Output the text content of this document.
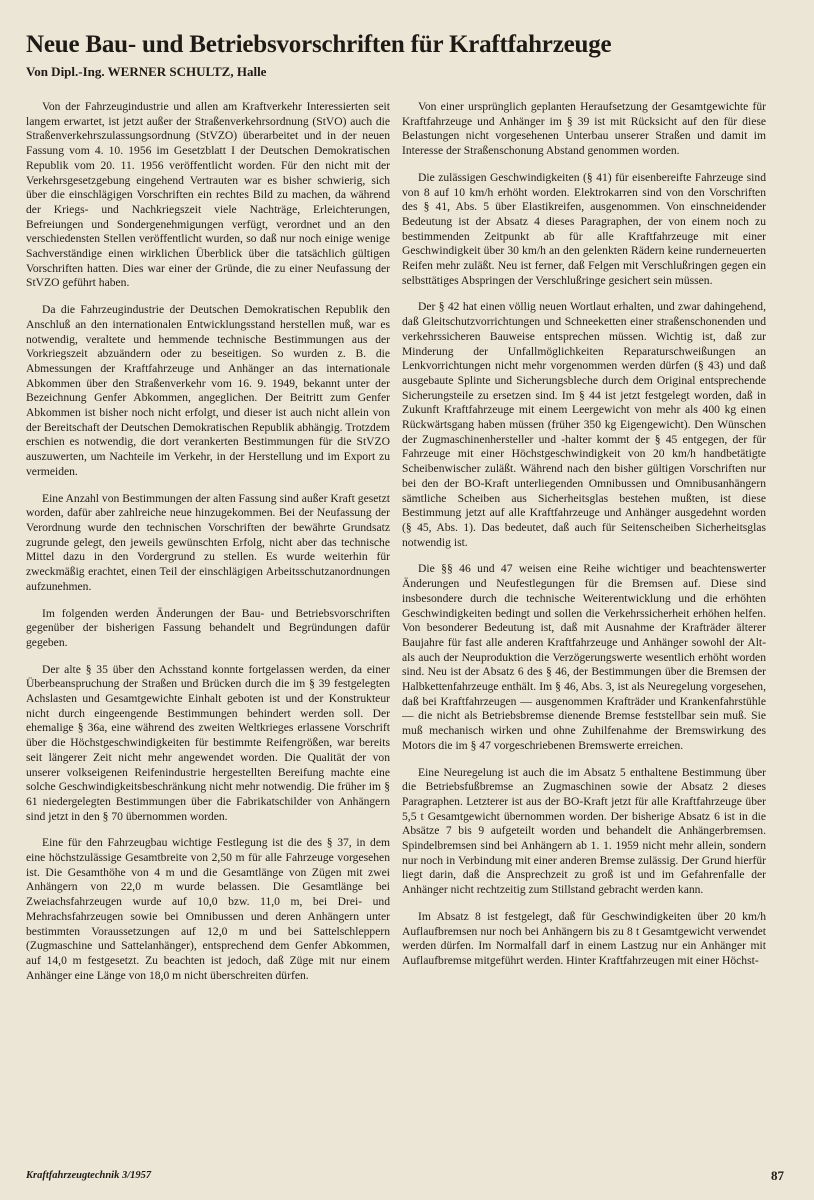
Neue Bau- und Betriebsvorschriften für Kraftfahrzeuge

Von Dipl.-Ing. WERNER SCHULTZ, Halle

Von der Fahrzeugindustrie und allen am Kraftverkehr Interessierten seit langem erwartet, ist jetzt außer der Straßenverkehrsordnung (StVO) auch die Straßenverkehrszulassungsordnung (StVZO) überarbeitet und in der neuen Fassung vom 4. 10. 1956 im Gesetzblatt I der Deutschen Demokratischen Republik vom 20. 11. 1956 veröffentlicht worden. Für den nicht mit der Verkehrsgesetzgebung eingehend Vertrauten war es bisher schwierig, sich über die einschlägigen Vorschriften ein rechtes Bild zu machen, da während der Kriegs- und Nachkriegszeit viele Nachträge, Erleichterungen, Befreiungen und Sondergenehmigungen verfügt, verordnet und an den verschiedensten Stellen veröffentlicht wurden, so daß nur noch einige wenige Sachverständige einen wirklichen Überblick über die tatsächlich gültigen Vorschriften hatten. Dies war einer der Gründe, die zu einer Neufassung der StVZO geführt haben.

Da die Fahrzeugindustrie der Deutschen Demokratischen Republik den Anschluß an den internationalen Entwicklungsstand herstellen muß, war es notwendig, veraltete und hemmende technische Bestimmungen aus der Vorkriegszeit abzuändern oder zu beseitigen. So wurden z. B. die Abmessungen der Kraftfahrzeuge und Anhänger an das internationale Abkommen über den Straßenverkehr vom 16. 9. 1949, bekannt unter der Bezeichnung Genfer Abkommen, angeglichen. Der Beitritt zum Genfer Abkommen ist bisher noch nicht erfolgt, und dieser ist auch nicht allein von der Bereitschaft der Deutschen Demokratischen Republik abhängig. Trotzdem erschien es notwendig, die dort verankerten Bestimmungen für die StVZO auszuwerten, um Nachteile im Verkehr, in der Herstellung und im Export zu vermeiden.

Eine Anzahl von Bestimmungen der alten Fassung sind außer Kraft gesetzt worden, dafür aber zahlreiche neue hinzugekommen. Bei der Neufassung der Verordnung wurde den technischen Vorschriften der bewährte Grundsatz zugrunde gelegt, den jeweils gewünschten Erfolg, nicht aber das technische Mittel dazu in den Vordergrund zu stellen. Es wurde weiterhin für zweckmäßig erachtet, einen Teil der einschlägigen Arbeitsschutzanordnungen aufzunehmen.

Im folgenden werden Änderungen der Bau- und Betriebsvorschriften gegenüber der bisherigen Fassung behandelt und Begründungen dafür gegeben.

Der alte § 35 über den Achsstand konnte fortgelassen werden, da einer Überbeanspruchung der Straßen und Brücken durch die im § 39 festgelegten Achslasten und Gesamtgewichte Einhalt geboten ist und der Konstrukteur nicht durch eingeengende Bestimmungen behindert werden soll. Der ehemalige § 36a, eine während des zweiten Weltkrieges erlassene Vorschrift über die Höchstgeschwindigkeiten für bestimmte Reifengrößen, war bereits seit längerer Zeit nicht mehr angewendet worden. Die Qualität der von unserer volkseigenen Reifenindustrie hergestellten Bereifung machte eine solche Geschwindigkeitsbeschränkung nicht mehr notwendig. Die früher im § 61 niedergelegten Bestimmungen über die Fabrikatschilder von Anhängern sind jetzt in den § 70 übernommen worden.

Eine für den Fahrzeugbau wichtige Festlegung ist die des § 37, in dem eine höchstzulässige Gesamtbreite von 2,50 m für alle Fahrzeuge vorgesehen ist. Die Gesamthöhe von 4 m und die Gesamtlänge von Zügen mit zwei Anhängern von 22,0 m wurde belassen. Die Gesamtlänge bei Zweiachsfahrzeugen wurde auf 10,0 bzw. 11,0 m, bei Drei- und Mehrachsfahrzeugen sowie bei Omnibussen und deren Anhängern unter bestimmten Voraussetzungen auf 12,0 m und bei Sattelschleppern (Zugmaschine und Sattelanhänger), entsprechend dem Genfer Abkommen, auf 14,0 m festgesetzt. Zu beachten ist jedoch, daß Züge mit nur einem Anhänger eine Länge von 18,0 m nicht überschreiten dürfen.

Von einer ursprünglich geplanten Heraufsetzung der Gesamtgewichte für Kraftfahrzeuge und Anhänger im § 39 ist mit Rücksicht auf den für diese Belastungen nicht vorgesehenen Unterbau unserer Straßen und damit im Interesse der Straßenschonung Abstand genommen worden.

Die zulässigen Geschwindigkeiten (§ 41) für eisenbereifte Fahrzeuge sind von 8 auf 10 km/h erhöht worden. Elektrokarren sind von den Vorschriften des § 41, Abs. 5 über Elastikreifen, ausgenommen. Von einschneidender Bedeutung ist der Absatz 4 dieses Paragraphen, der von einem noch zu bestimmenden Zeitpunkt ab für alle Kraftfahrzeuge mit einer Geschwindigkeit über 30 km/h an den gelenkten Rädern keine runderneuerten Reifen mehr zuläßt. Neu ist ferner, daß Felgen mit Verschlußringen gegen ein selbsttätiges Abspringen der Verschlußringe gesichert sein müssen.

Der § 42 hat einen völlig neuen Wortlaut erhalten, und zwar dahingehend, daß Gleitschutzvorrichtungen und Schneeketten einer straßenschonenden und verkehrssicheren Bauweise entsprechen müssen. Wichtig ist, daß zur Minderung der Unfallmöglichkeiten Reparaturschweißungen an Lenkvorrichtungen nicht mehr vorgenommen werden dürfen (§ 43) und daß ausgebaute Splinte und Sicherungsbleche durch dem Original entsprechende Sicherungsteile zu ersetzen sind. Im § 44 ist jetzt festgelegt worden, daß in Zukunft Kraftfahrzeuge mit einem Leergewicht von mehr als 400 kg einen Rückwärtsgang haben müssen (früher 350 kg Eigengewicht). Den Wünschen der Zugmaschinenhersteller und -halter kommt der § 45 entgegen, der für Fahrzeuge mit einer Höchstgeschwindigkeit von 20 km/h handbetätigte Scheibenwischer zuläßt. Während nach den bisher gültigen Vorschriften nur bei den der BO-Kraft unterliegenden Omnibussen und Omnibusanhängern sämtliche Scheiben aus Sicherheitsglas bestehen mußten, ist diese Bestimmung jetzt auf alle Kraftfahrzeuge und Anhänger ausgedehnt worden (§ 45, Abs. 1). Das bedeutet, daß auch für Seitenscheiben Sicherheitsglas notwendig ist.

Die §§ 46 und 47 weisen eine Reihe wichtiger und beachtenswerter Änderungen und Neufestlegungen für die Bremsen auf. Diese sind insbesondere durch die technische Weiterentwicklung und die erhöhten Geschwindigkeiten bedingt und sollen die Verkehrssicherheit erhöhen helfen. Von besonderer Bedeutung ist, daß mit Ausnahme der Krafträder älterer Baujahre für fast alle anderen Kraftfahrzeuge und Anhänger sowohl der Alt- als auch der Neuproduktion die Verzögerungswerte wesentlich erhöht worden sind. Neu ist der Absatz 6 des § 46, der Bestimmungen über die Bremsen der Halbkettenfahrzeuge enthält. Im § 46, Abs. 3, ist als Neuregelung vorgesehen, daß bei Kraftfahrzeugen — ausgenommen Krafträder und Krankenfahrstühle — die nicht als Betriebsbremse dienende Bremse feststellbar sein muß. Sie muß mechanisch wirken und ohne Zuhilfenahme der Bremswirkung des Motors die im § 47 vorgeschriebenen Bremswerte erreichen.

Eine Neuregelung ist auch die im Absatz 5 enthaltene Bestimmung über die Betriebsfußbremse an Zugmaschinen sowie der Absatz 2 dieses Paragraphen. Letzterer ist aus der BO-Kraft jetzt für alle Kraftfahrzeuge über 5,5 t Gesamtgewicht übernommen worden. Der bisherige Absatz 6 ist in die Absätze 7 bis 9 aufgeteilt worden und behandelt die Anhängerbremsen. Spindelbremsen sind bei Anhängern ab 1. 1. 1959 nicht mehr allein, sondern nur noch in Verbindung mit einer anderen Bremse zulässig. Der Grund hierfür liegt darin, daß die Ansprechzeit zu groß ist und im Gefahrenfalle der Anhänger nicht rechtzeitig zum Stillstand gebracht werden kann.

Im Absatz 8 ist festgelegt, daß für Geschwindigkeiten über 20 km/h Auflaufbremsen nur noch bei Anhängern bis zu 8 t Gesamtgewicht verwendet werden dürfen. Im Normalfall darf in einem Lastzug nur ein Anhänger mit Auflaufbremse mitgeführt werden. Hinter Kraftfahrzeugen mit einer Höchst-

Kraftfahrzeugtechnik 3/1957	87
